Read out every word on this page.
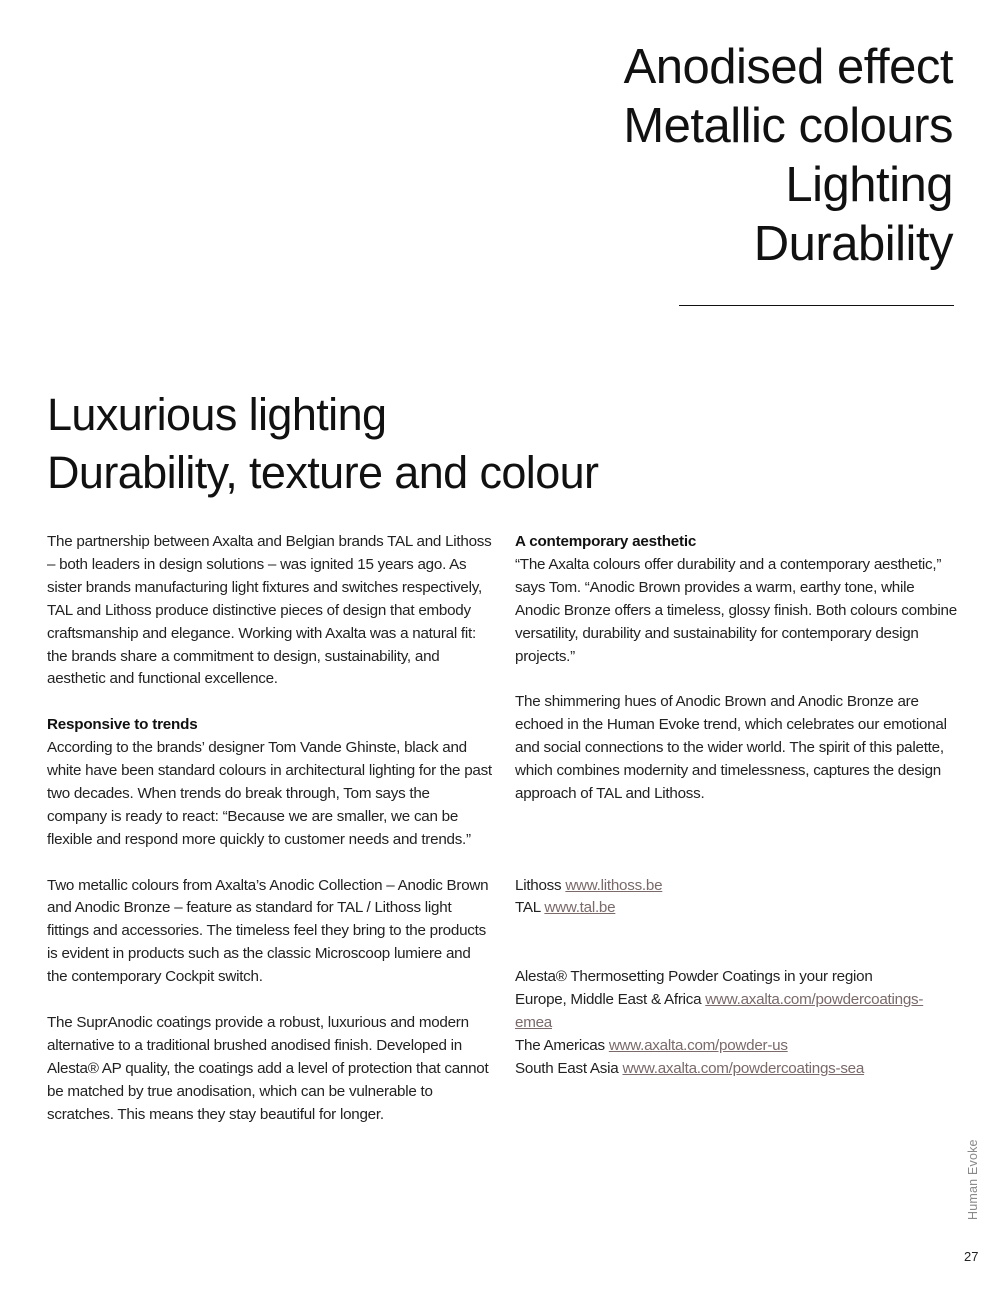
Anodised effect
Metallic colours
Lighting
Durability
Luxurious lighting
Durability, texture and colour

The partnership between Axalta and Belgian brands TAL and Lithoss – both leaders in design solutions – was ignited 15 years ago. As sister brands manufacturing light fixtures and switches respectively, TAL and Lithoss produce distinctive pieces of design that embody craftsmanship and elegance. Working with Axalta was a natural fit: the brands share a commitment to design, sustainability, and aesthetic and functional excellence.

Responsive to trends

According to the brands’ designer Tom Vande Ghinste, black and white have been standard colours in architectural lighting for the past two decades. When trends do break through, Tom says the company is ready to react: “Because we are smaller, we can be flexible and respond more quickly to customer needs and trends.”

Two metallic colours from Axalta’s Anodic Collection – Anodic Brown and Anodic Bronze – feature as standard for TAL / Lithoss light fittings and accessories. The timeless feel they bring to the products is evident in products such as the classic Microscoop lumiere and the contemporary Cockpit switch.

The SuprAnodic coatings provide a robust, luxurious and modern alternative to a traditional brushed anodised finish. Developed in Alesta® AP quality, the coatings add a level of protection that cannot be matched by true anodisation, which can be vulnerable to scratches. This means they stay beautiful for longer.

A contemporary aesthetic

“The Axalta colours offer durability and a contemporary aesthetic,” says Tom. “Anodic Brown provides a warm, earthy tone, while Anodic Bronze offers a timeless, glossy finish. Both colours combine versatility, durability and sustainability for contemporary design projects.”

The shimmering hues of Anodic Brown and Anodic Bronze are echoed in the Human Evoke trend, which celebrates our emotional and social connections to the wider world. The spirit of this palette, which combines modernity and timelessness, captures the design approach of TAL and Lithoss.

Lithoss www.lithoss.be

TAL www.tal.be

Alesta® Thermosetting Powder Coatings in your region

Europe, Middle East & Africa www.axalta.com/powdercoatings-emea

The Americas www.axalta.com/powder-us

South East Asia www.axalta.com/powdercoatings-sea

Human Evoke
27
